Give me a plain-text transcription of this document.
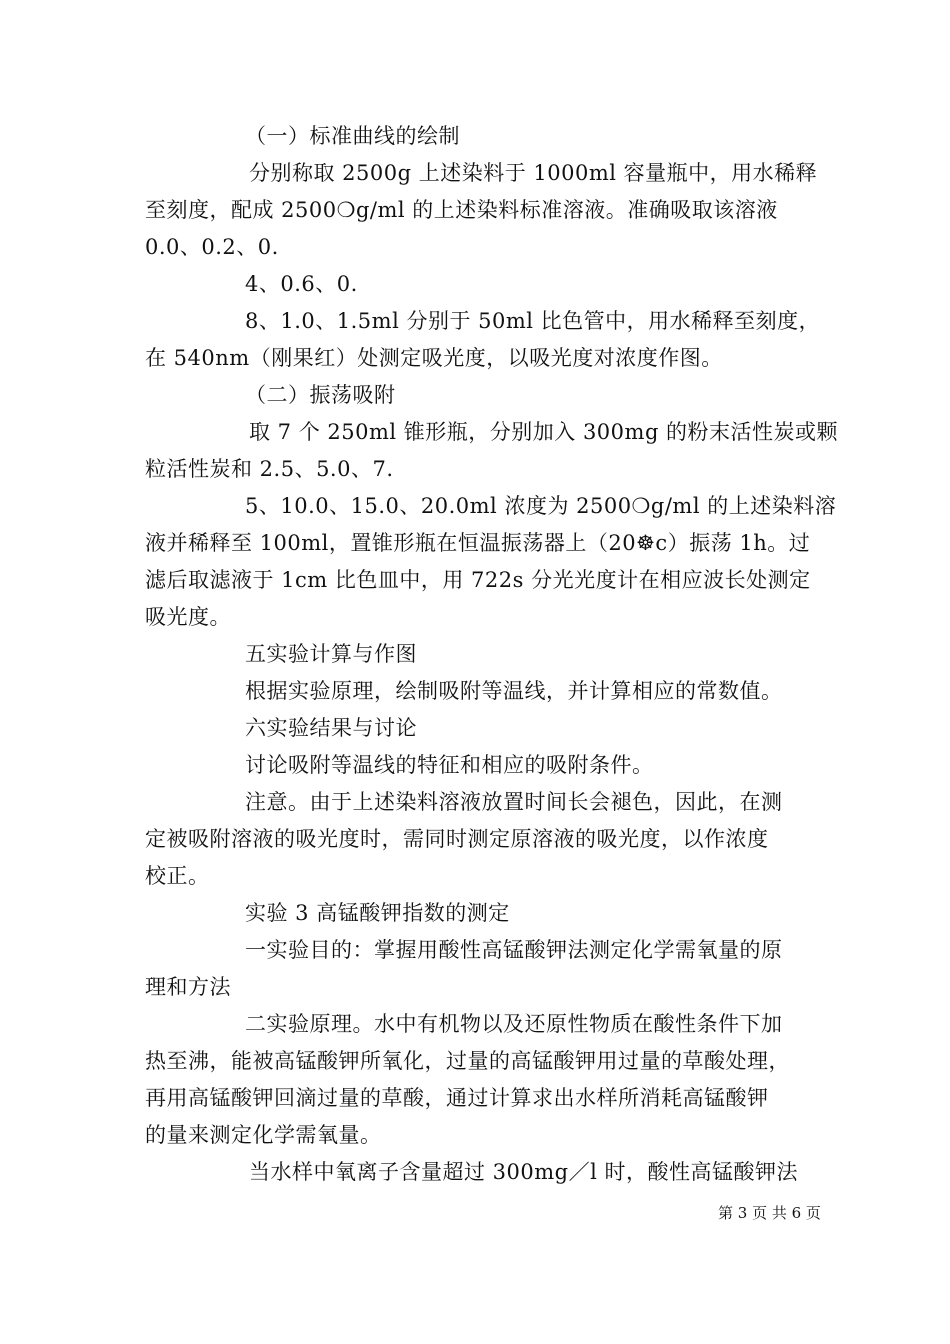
（一）标准曲线的绘制
分别称取 2500g 上述染料于 1000ml 容量瓶中，用水稀释
至刻度，配成 2500❍g/ml 的上述染料标准溶液。准确吸取该溶液
0.0、0.2、0.
4、0.6、0.
8、1.0、1.5ml 分别于 50ml 比色管中，用水稀释至刻度，
在 540nm（刚果红）处测定吸光度，以吸光度对浓度作图。
（二）振荡吸附
取 7 个 250ml 锥形瓶，分别加入 300mg 的粉末活性炭或颗
粒活性炭和 2.5、5.0、7.
5、10.0、15.0、20.0ml 浓度为 2500❍g/ml 的上述染料溶
液并稀释至 100ml，置锥形瓶在恒温振荡器上（20☸c）振荡 1h。过
滤后取滤液于 1cm 比色皿中，用 722s 分光光度计在相应波长处测定
吸光度。
五实验计算与作图
根据实验原理，绘制吸附等温线，并计算相应的常数值。
六实验结果与讨论
讨论吸附等温线的特征和相应的吸附条件。
注意。由于上述染料溶液放置时间长会褪色，因此，在测
定被吸附溶液的吸光度时，需同时测定原溶液的吸光度，以作浓度
校正。
实验 3 高锰酸钾指数的测定
一实验目的：掌握用酸性高锰酸钾法测定化学需氧量的原
理和方法
二实验原理。水中有机物以及还原性物质在酸性条件下加
热至沸，能被高锰酸钾所氧化，过量的高锰酸钾用过量的草酸处理，
再用高锰酸钾回滴过量的草酸，通过计算求出水样所消耗高锰酸钾
的量来测定化学需氧量。
当水样中氧离子含量超过 300mg／l 时，酸性高锰酸钾法
第 3 页 共 6 页
